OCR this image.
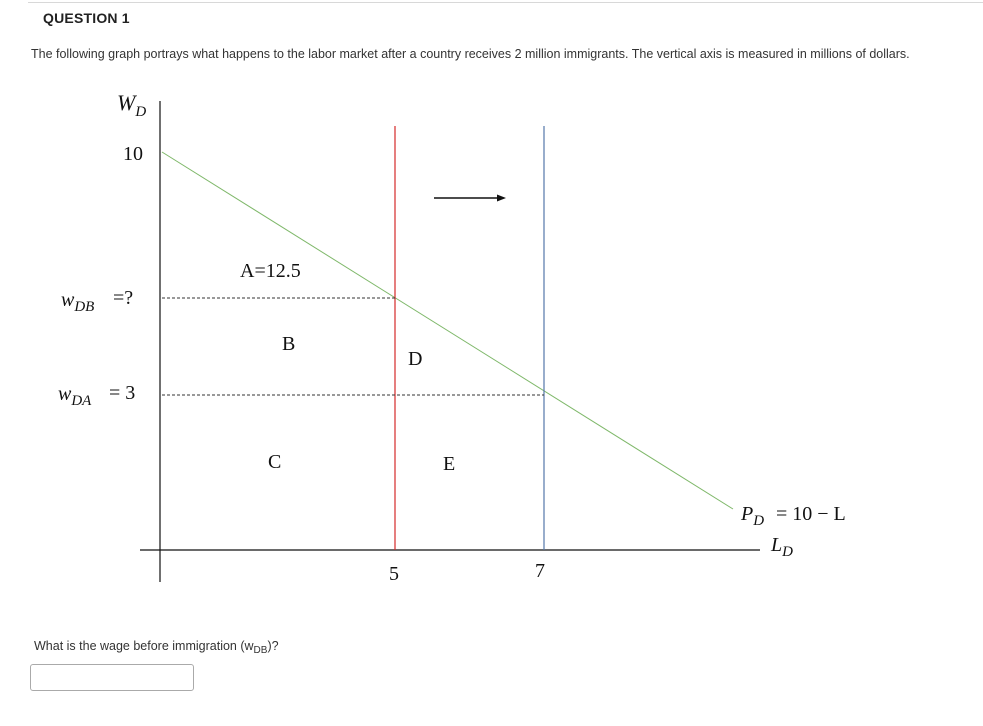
QUESTION 1
The following graph portrays what happens to the labor market after a country receives 2 million immigrants. The vertical axis is measured in millions of dollars.
$W_D$
10
$w_{DB}$ =?
$w_{DA} = 3$
A=12.5
B
C
D
E
5	7
$P_D = 10 - L$
$L_D$
What is the wage before immigration $(w_{DB})$?
